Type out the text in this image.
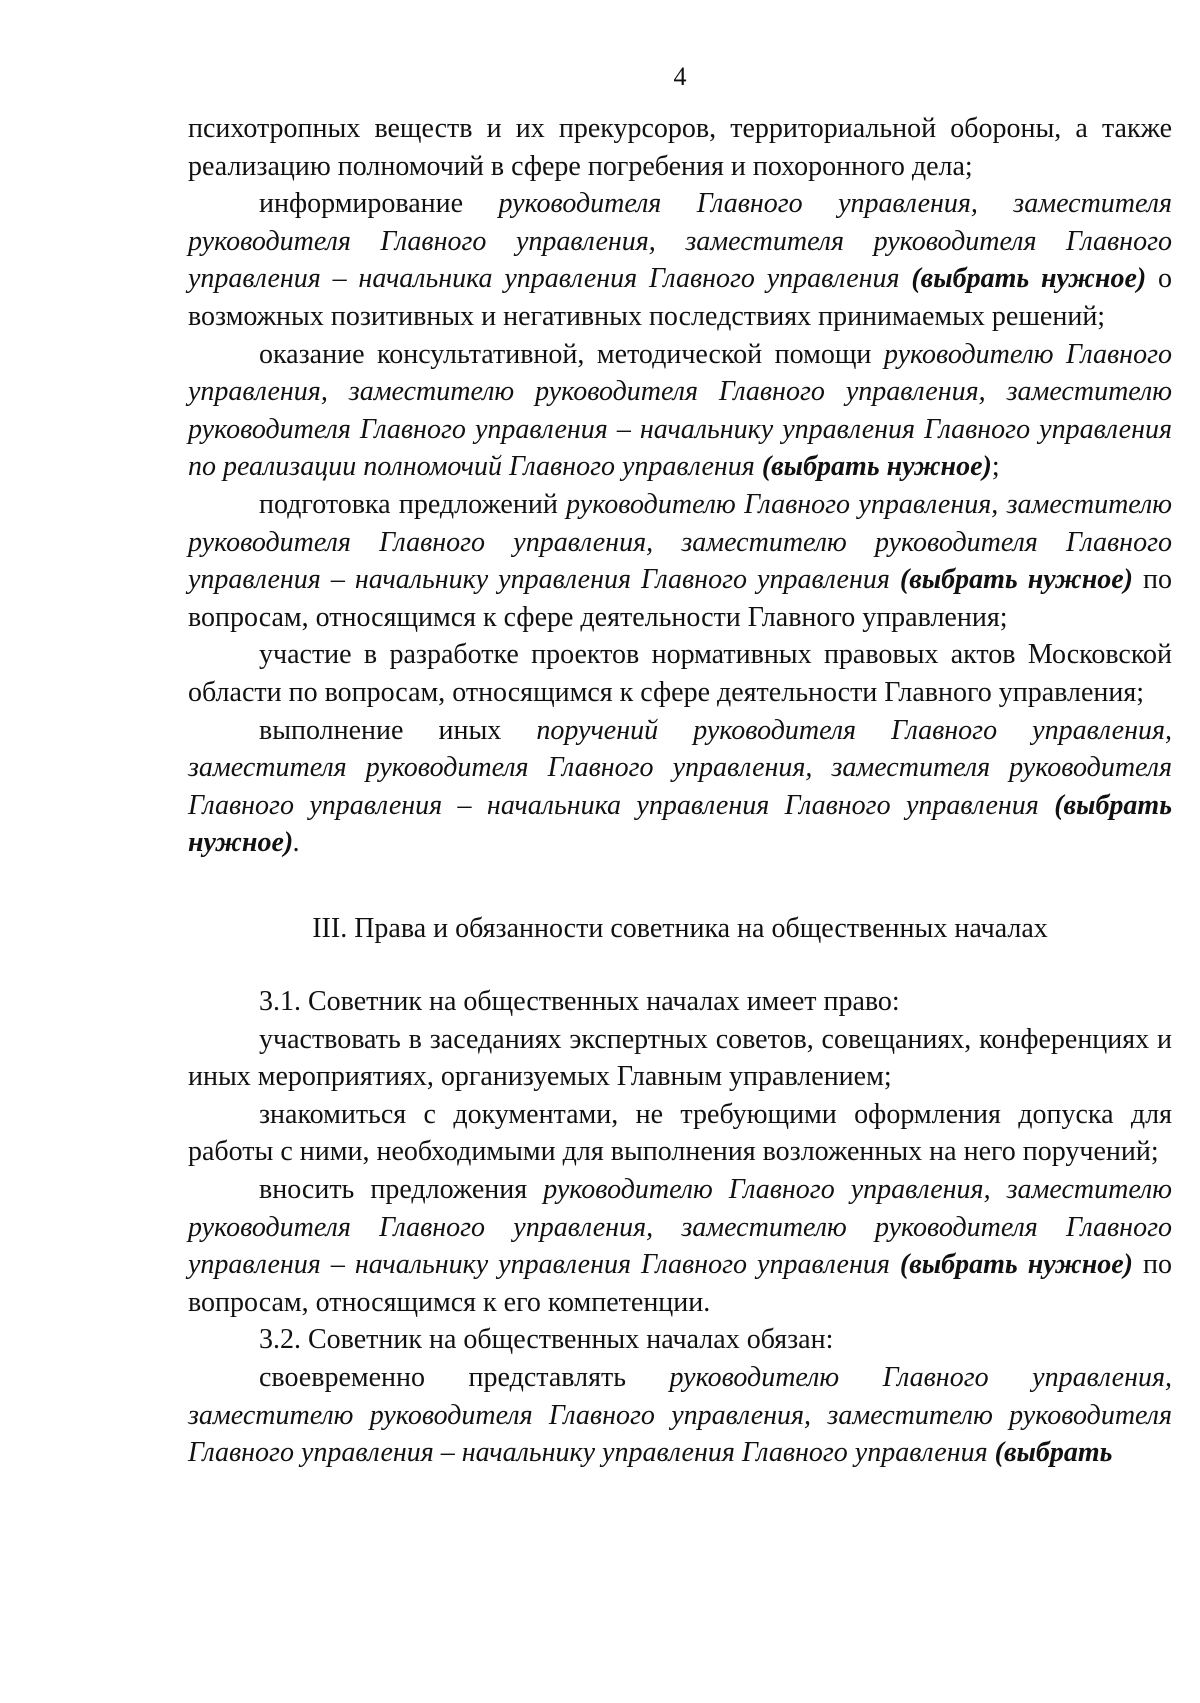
4

психотропных веществ и их прекурсоров, территориальной обороны, а также реализацию полномочий в сфере погребения и похоронного дела;

информирование руководителя Главного управления, заместителя руководителя Главного управления, заместителя руководителя Главного управления – начальника управления Главного управления (выбрать нужное) о возможных позитивных и негативных последствиях принимаемых решений;

оказание консультативной, методической помощи руководителю Главного управления, заместителю руководителя Главного управления, заместителю руководителя Главного управления – начальнику управления Главного управления по реализации полномочий Главного управления (выбрать нужное);

подготовка предложений руководителю Главного управления, заместителю руководителя Главного управления, заместителю руководителя Главного управления – начальнику управления Главного управления (выбрать нужное) по вопросам, относящимся к сфере деятельности Главного управления;

участие в разработке проектов нормативных правовых актов Московской области по вопросам, относящимся к сфере деятельности Главного управления;

выполнение иных поручений руководителя Главного управления, заместителя руководителя Главного управления, заместителя руководителя Главного управления – начальника управления Главного управления (выбрать нужное).

III. Права и обязанности советника на общественных началах

3.1. Советник на общественных началах имеет право:

участвовать в заседаниях экспертных советов, совещаниях, конференциях и иных мероприятиях, организуемых Главным управлением;

знакомиться с документами, не требующими оформления допуска для работы с ними, необходимыми для выполнения возложенных на него поручений;

вносить предложения руководителю Главного управления, заместителю руководителя Главного управления, заместителю руководителя Главного управления – начальнику управления Главного управления (выбрать нужное) по вопросам, относящимся к его компетенции.

3.2. Советник на общественных началах обязан:

своевременно представлять руководителю Главного управления, заместителю руководителя Главного управления, заместителю руководителя Главного управления – начальнику управления Главного управления (выбрать
